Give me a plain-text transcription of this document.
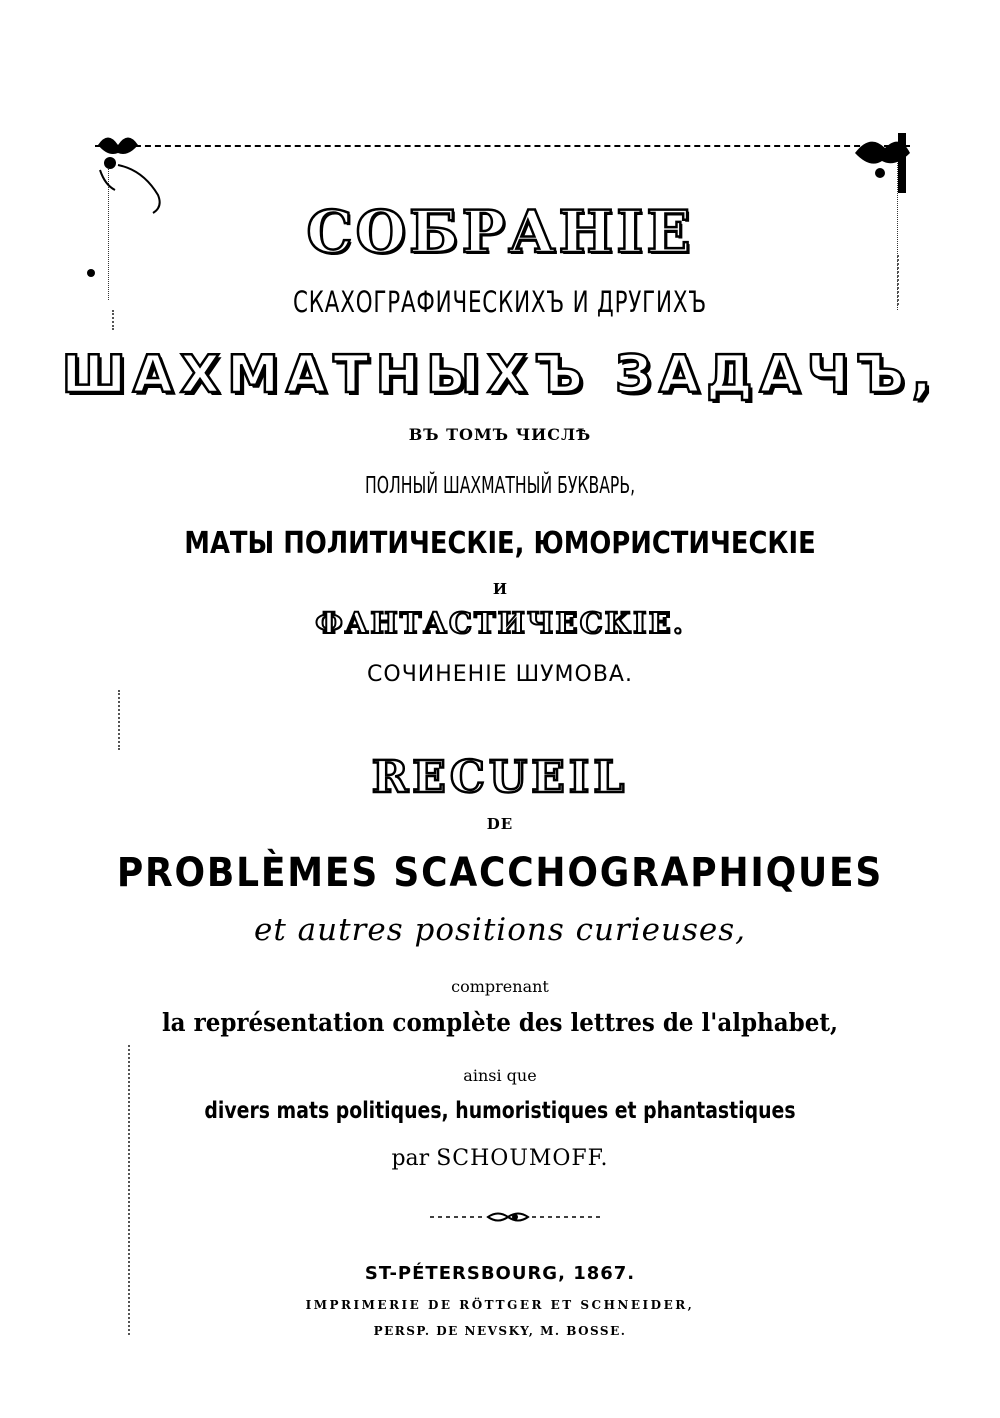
СОБРАНІЕ

СКАХОГРАФИЧЕСКИХЪ И ДРУГИХЪ

ШАХМАТНЫХЪ ЗАДАЧЪ,

ВЪ ТОМЪ ЧИСЛѢ

ПОЛНЫЙ ШАХМАТНЫЙ БУКВАРЬ,

МАТЫ ПОЛИТИЧЕСКІЕ, ЮМОРИСТИЧЕСКІЕ

И

ФАНТАСТИЧЕСКІЕ.

СОЧИНЕНІЕ ШУМОВА.

RECUEIL

DE

PROBLÈMES SCACCHOGRAPHIQUES

et autres positions curieuses,

comprenant

la représentation complète des lettres de l'alphabet,

ainsi que

divers mats politiques, humoristiques et phantastiques

par SCHOUMOFF.

ST-PÉTERSBOURG, 1867.

IMPRIMERIE DE RÖTTGER ET SCHNEIDER,

PERSP. DE NEVSKY, M. BOSSE.
